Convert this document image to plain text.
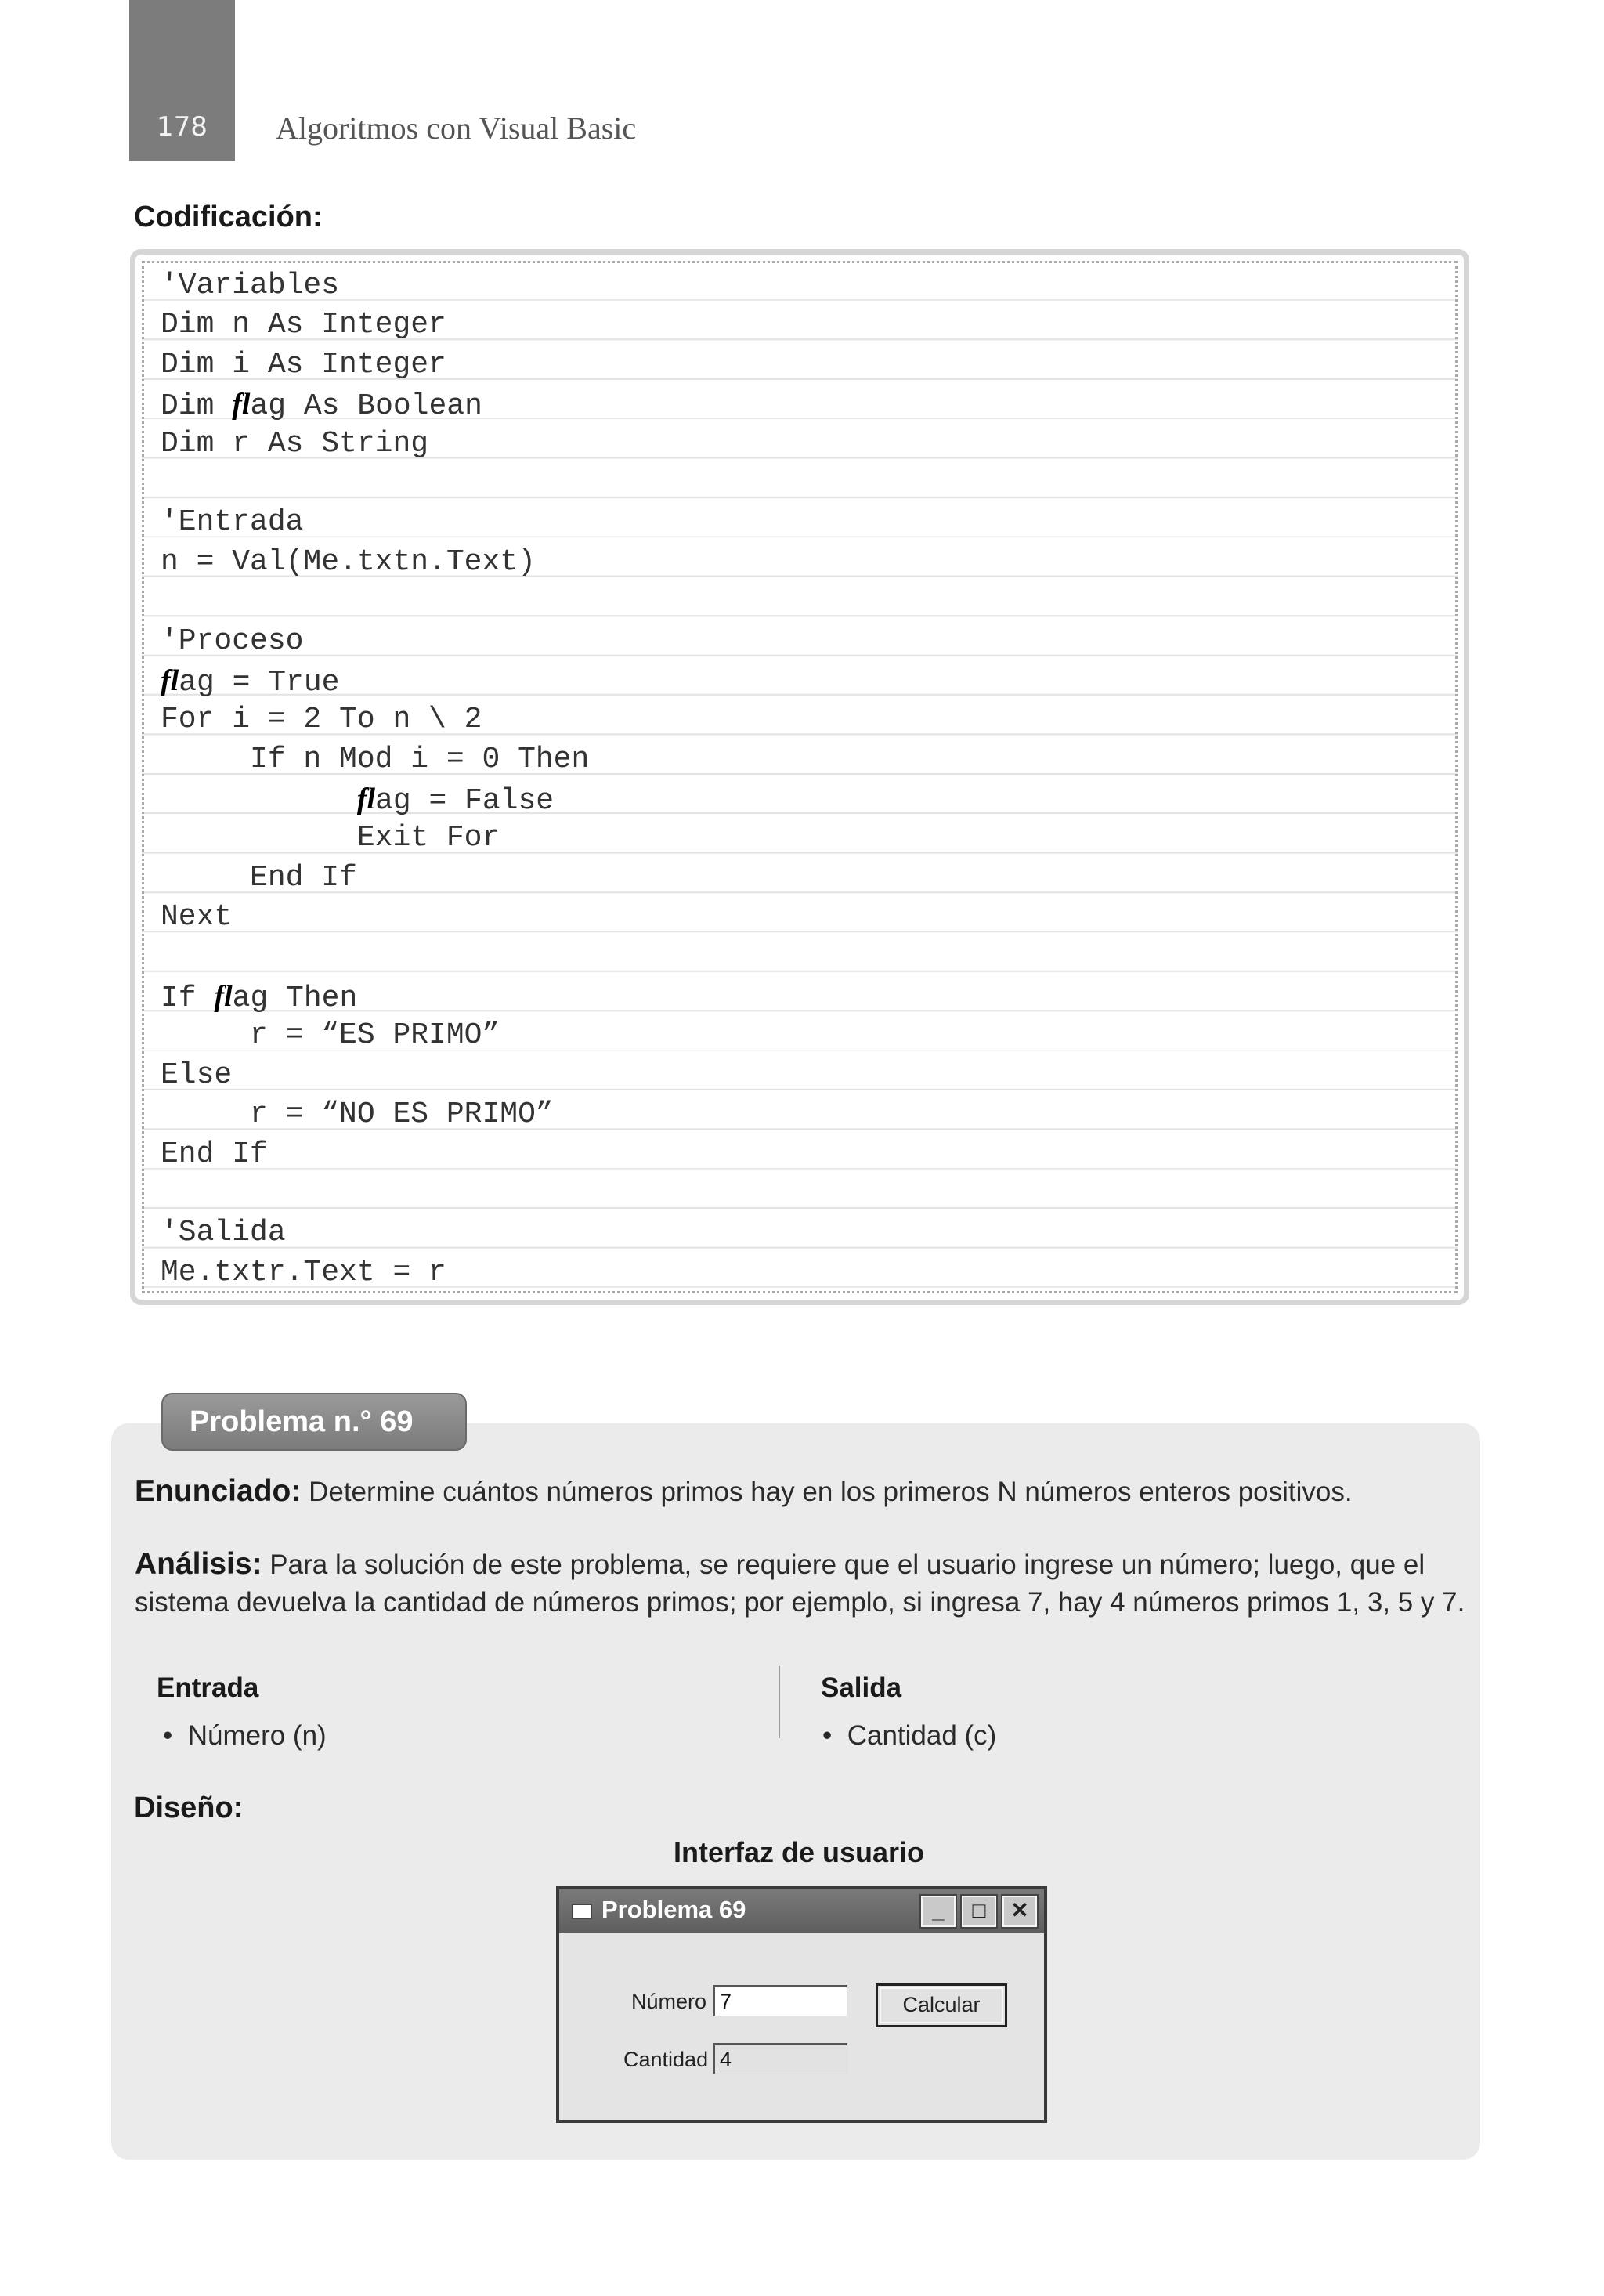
178	Algoritmos con Visual Basic
Codificación:
'Variables
Dim n As Integer
Dim i As Integer
Dim flag As Boolean
Dim r As String
'Entrada
n = Val(Me.txtn.Text)
'Proceso
flag = True
For i = 2 To n \ 2
If n Mod i = 0 Then
flag = False
Exit For
End If
Next
If flag Then
r = “ES PRIMO”
Else
r = “NO ES PRIMO”
End If
'Salida
Me.txtr.Text = r
Problema n.° 69
Enunciado: Determine cuántos números primos hay en los primeros N números enteros positivos.
Análisis: Para la solución de este problema, se requiere que el usuario ingrese un número; luego, que el sistema devuelva la cantidad de números primos; por ejemplo, si ingresa 7, hay 4 números primos 1, 3, 5 y 7.
Entrada
•  Número (n)
Salida
•  Cantidad (c)
Diseño:
Interfaz de usuario
Problema 69	_	□	✕
Número 7	Calcular
Cantidad 4
